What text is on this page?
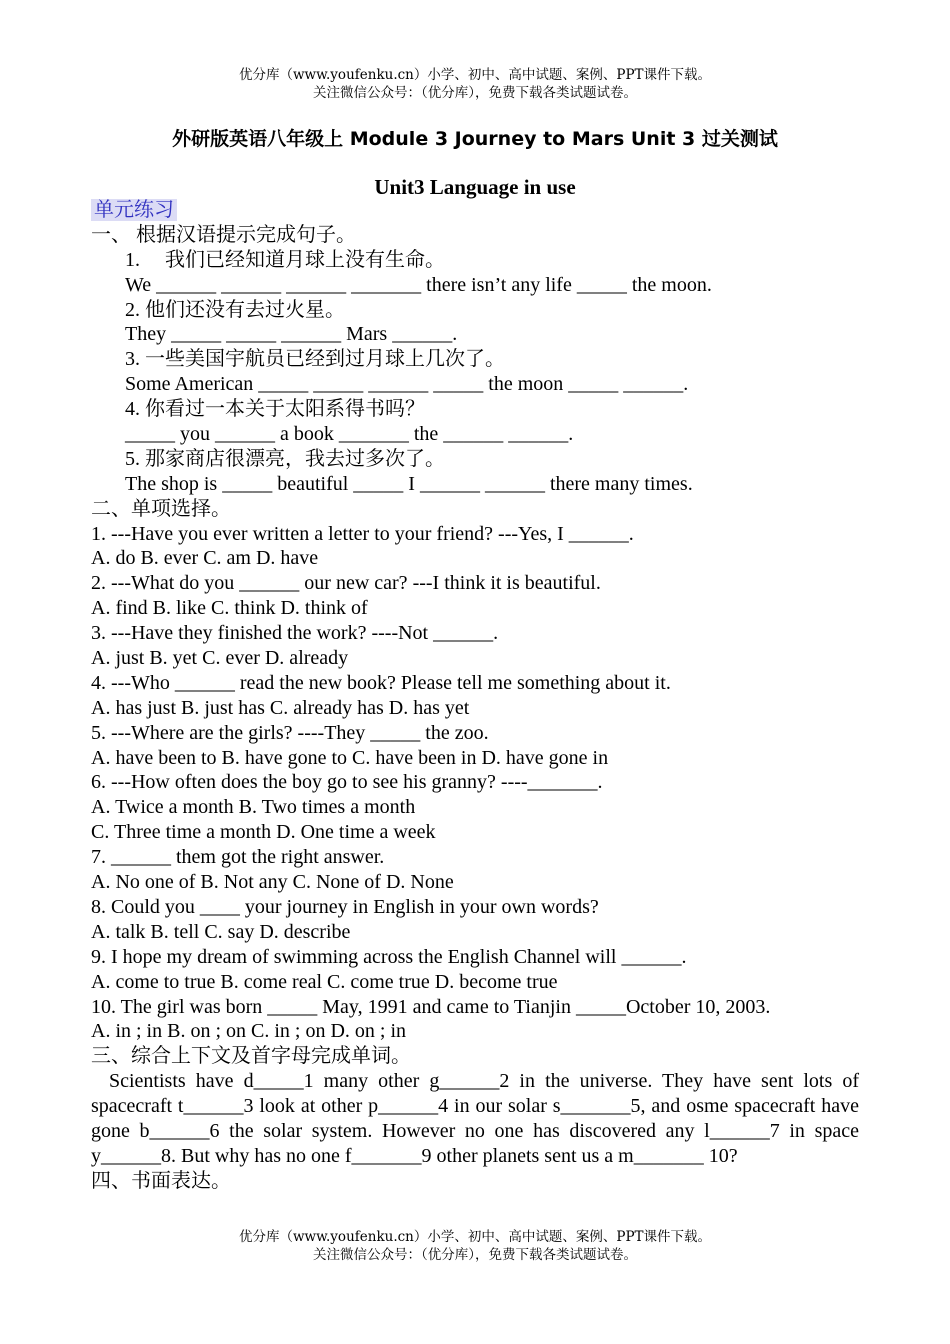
优分库（www.youfenku.cn）小学、初中、高中试题、案例、PPT课件下载。
关注微信公众号：（优分库），免费下载各类试题试卷。
外研版英语八年级上 Module 3 Journey to Mars Unit 3 过关测试
Unit3 Language in use
单元练习
一、 根据汉语提示完成句子。
1.　 我们已经知道月球上没有生命。
We ______ ______ ______ _______ there isn’t any life _____ the moon.
2. 他们还没有去过火星。
They _____ _____ ______ Mars ______.
3. 一些美国宇航员已经到过月球上几次了。
Some American _____ _____ ______ _____ the moon _____ ______.
4. 你看过一本关于太阳系得书吗？
_____ you ______ a book _______ the ______ ______.
5. 那家商店很漂亮，我去过多次了。
The shop is _____ beautiful _____ I ______ ______ there many times.
二、单项选择。
1. ---Have you ever written a letter to your friend? ---Yes, I ______.
A. do B. ever C. am D. have
2. ---What do you ______ our new car? ---I think it is beautiful.
A. find B. like C. think D. think of
3. ---Have they finished the work? ----Not ______.
A. just B. yet C. ever D. already
4. ---Who ______ read the new book? Please tell me something about it.
A. has just B. just has C. already has D. has yet
5. ---Where are the girls? ----They _____ the zoo.
A. have been to B. have gone to C. have been in D. have gone in
6. ---How often does the boy go to see his granny? ----_______.
A. Twice a month B. Two times a month
C. Three time a month D. One time a week
7. ______ them got the right answer.
A. No one of B. Not any C. None of D. None
8. Could you ____ your journey in English in your own words?
A. talk B. tell C. say D. describe
9. I hope my dream of swimming across the English Channel will ______.
A. come to true B. come real C. come true D. become true
10. The girl was born _____ May, 1991 and came to Tianjin _____October 10, 2003.
A. in ; in B. on ; on C. in ; on D. on ; in
三、综合上下文及首字母完成单词。
Scientists have d_____1 many other g______2 in the universe. They have sent lots of spacecraft t______3 look at other p______4 in our solar s_______5, and osme spacecraft have gone b______6 the solar system. However no one has discovered any l______7 in space y______8. But why has no one f_______9 other planets sent us a m_______ 10?
四、书面表达。
优分库（www.youfenku.cn）小学、初中、高中试题、案例、PPT课件下载。
关注微信公众号：（优分库），免费下载各类试题试卷。
